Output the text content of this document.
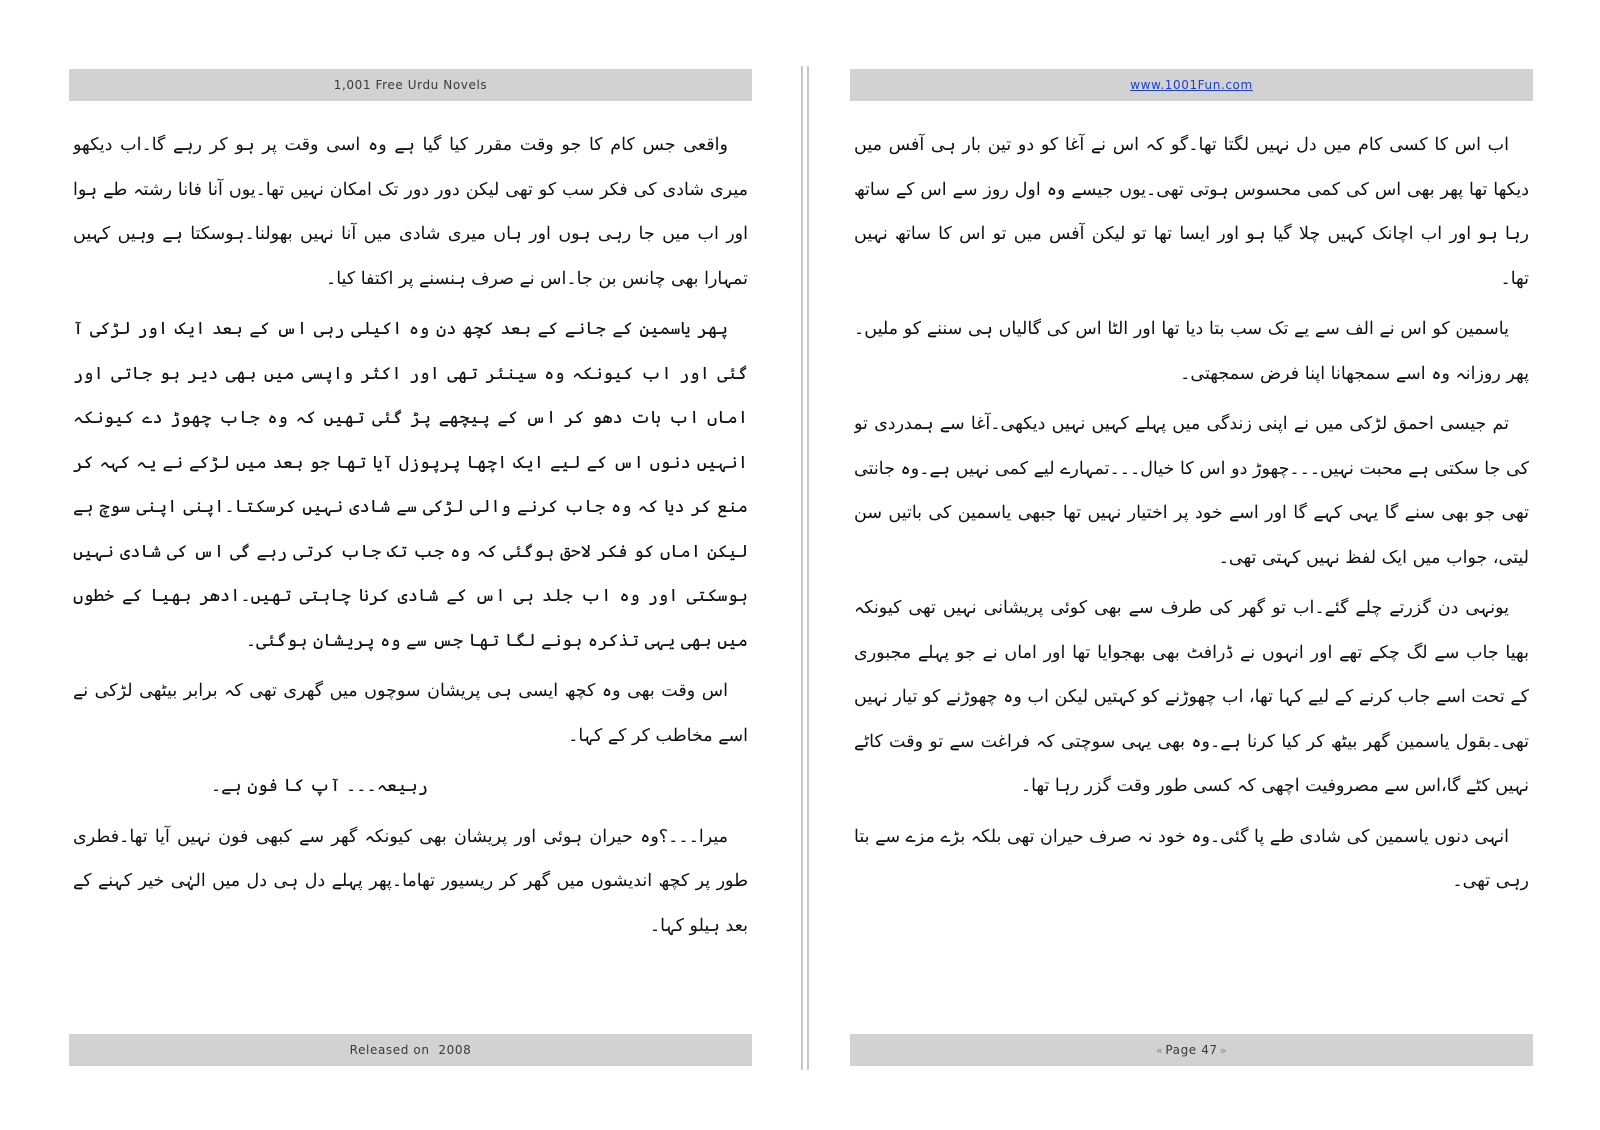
1,001 Free Urdu Novels

واقعی جس کام کا جو وقت مقرر کیا گیا ہے وہ اسی وقت پر ہو کر رہے گا۔اب دیکھو میری شادی کی فکر سب کو تھی لیکن دور دور تک امکان نہیں تھا۔یوں آنا فانا رشتہ طے ہوا اور اب میں جا رہی ہوں اور ہاں میری شادی میں آنا نہیں بھولنا۔ہوسکتا ہے وہیں کہیں تمہارا بھی چانس بن جا۔اس نے صرف ہنسنے پر اکتفا کیا۔

پھر یاسمین کے جانے کے بعد کچھ دن وہ اکیلی رہی اس کے بعد ایک اور لڑکی آ گئی اور اب کیونکہ وہ سینئر تھی اور اکثر واپسی میں بھی دیر ہو جاتی اور اماں اب ہات دھو کر اس کے پیچھے پڑ گئی تھیں کہ وہ جاب چھوڑ دے کیونکہ انہیں دنوں اس کے لیے ایک اچھا پرپوزل آیا تھا جو بعد میں لڑکے نے یہ کہہ کر منع کر دیا کہ وہ جاب کرنے والی لڑکی سے شادی نہیں کرسکتا۔اپنی اپنی سوچ ہے لیکن اماں کو فکر لاحق ہوگئی کہ وہ جب تک جاب کرتی رہے گی اس کی شادی نہیں ہوسکتی اور وہ اب جلد ہی اس کے شادی کرنا چاہتی تھیں۔ادھر بھیا کے خطوں میں بھی یہی تذکرہ ہونے لگا تھا جس سے وہ پریشان ہوگئی۔

اس وقت بھی وہ کچھ ایسی ہی پریشان سوچوں میں گھری تھی کہ برابر بیٹھی لڑکی نے اسے مخاطب کر کے کہا۔

ربیعہ۔۔۔ آپ کا فون ہے۔

میرا۔۔۔؟وہ حیران ہوئی اور پریشان بھی کیونکہ گھر سے کبھی فون نہیں آیا تھا۔فطری طور پر کچھ اندیشوں میں گھر کر ریسیور تھاما۔پھر پہلے دل ہی دل میں الہٰی خیر کہنے کے بعد ہیلو کہا۔

Released on  2008
www.1001Fun.com

اب اس کا کسی کام میں دل نہیں لگتا تھا۔گو کہ اس نے آغا کو دو تین بار ہی آفس میں دیکھا تھا پھر بھی اس کی کمی محسوس ہوتی تھی۔یوں جیسے وہ اول روز سے اس کے ساتھ رہا ہو اور اب اچانک کہیں چلا گیا ہو اور ایسا تھا تو لیکن آفس میں تو اس کا ساتھ نہیں تھا۔

یاسمین کو اس نے الف سے یے تک سب بتا دیا تھا اور الٹا اس کی گالیاں ہی سننے کو ملیں۔پھر روزانہ وہ اسے سمجھانا اپنا فرض سمجھتی۔

تم جیسی احمق لڑکی میں نے اپنی زندگی میں پہلے کہیں نہیں دیکھی۔آغا سے ہمدردی تو کی جا سکتی ہے محبت نہیں۔۔۔چھوڑ دو اس کا خیال۔۔۔تمہارے لیے کمی نہیں ہے۔وہ جانتی تھی جو بھی سنے گا یہی کہے گا اور اسے خود پر اختیار نہیں تھا جبھی یاسمین کی باتیں سن لیتی، جواب میں ایک لفظ نہیں کہتی تھی۔

یونہی دن گزرتے چلے گئے۔اب تو گھر کی طرف سے بھی کوئی پریشانی نہیں تھی کیونکہ بھیا جاب سے لگ چکے تھے اور انہوں نے ڈرافٹ بھی بھجوایا تھا اور اماں نے جو پہلے مجبوری کے تحت اسے جاب کرنے کے لیے کہا تھا، اب چھوڑنے کو کہتیں لیکن اب وہ چھوڑنے کو تیار نہیں تھی۔بقول یاسمین گھر بیٹھ کر کیا کرنا ہے۔وہ بھی یہی سوچتی کہ فراغت سے تو وقت کاٹے نہیں کٹے گا،اس سے مصروفیت اچھی کہ کسی طور وقت گزر رہا تھا۔

انہی دنوں یاسمین کی شادی طے پا گئی۔وہ خود نہ صرف حیران تھی بلکہ بڑے مزے سے بتا رہی تھی۔

« Page 47 »
